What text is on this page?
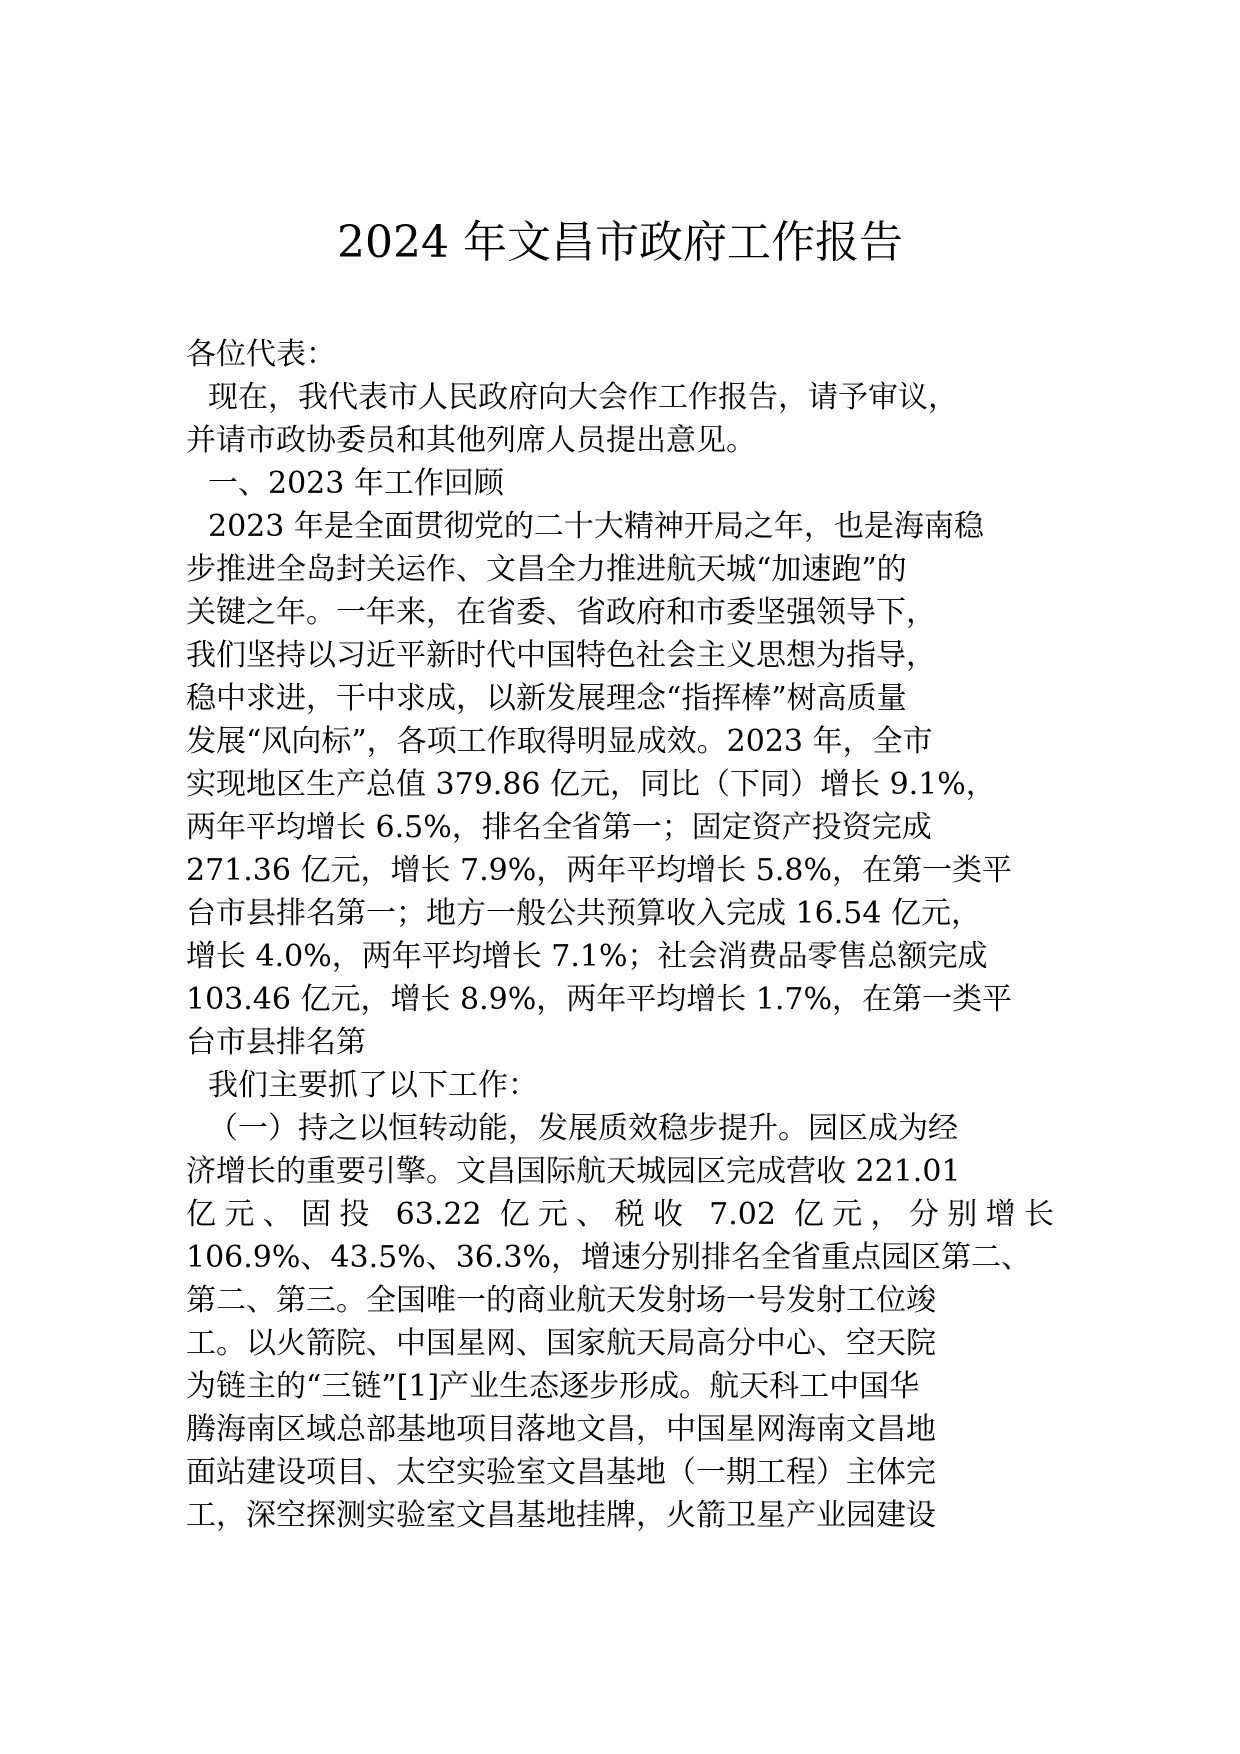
2024 年文昌市政府工作报告
各位代表：
现在，我代表市人民政府向大会作工作报告，请予审议，
并请市政协委员和其他列席人员提出意见。
一、2023 年工作回顾
2023 年是全面贯彻党的二十大精神开局之年，也是海南稳
步推进全岛封关运作、文昌全力推进航天城“加速跑”的
关键之年。一年来，在省委、省政府和市委坚强领导下，
我们坚持以习近平新时代中国特色社会主义思想为指导，
稳中求进，干中求成，以新发展理念“指挥棒”树高质量
发展“风向标”，各项工作取得明显成效。2023 年，全市
实现地区生产总值 379.86 亿元，同比（下同）增长 9.1%，
两年平均增长 6.5%，排名全省第一；固定资产投资完成
271.36 亿元，增长 7.9%，两年平均增长 5.8%，在第一类平
台市县排名第一；地方一般公共预算收入完成 16.54 亿元，
增长 4.0%，两年平均增长 7.1%；社会消费品零售总额完成
103.46 亿元，增长 8.9%，两年平均增长 1.7%，在第一类平
台市县排名第
我们主要抓了以下工作：
（一）持之以恒转动能，发展质效稳步提升。园区成为经
济增长的重要引擎。文昌国际航天城园区完成营收 221.01
亿元、固投 63.22 亿元、税收 7.02 亿元，分别增长
106.9%、43.5%、36.3%，增速分别排名全省重点园区第二、
第二、第三。全国唯一的商业航天发射场一号发射工位竣
工。以火箭院、中国星网、国家航天局高分中心、空天院
为链主的“三链”[1]产业生态逐步形成。航天科工中国华
腾海南区域总部基地项目落地文昌，中国星网海南文昌地
面站建设项目、太空实验室文昌基地（一期工程）主体完
工，深空探测实验室文昌基地挂牌，火箭卫星产业园建设
